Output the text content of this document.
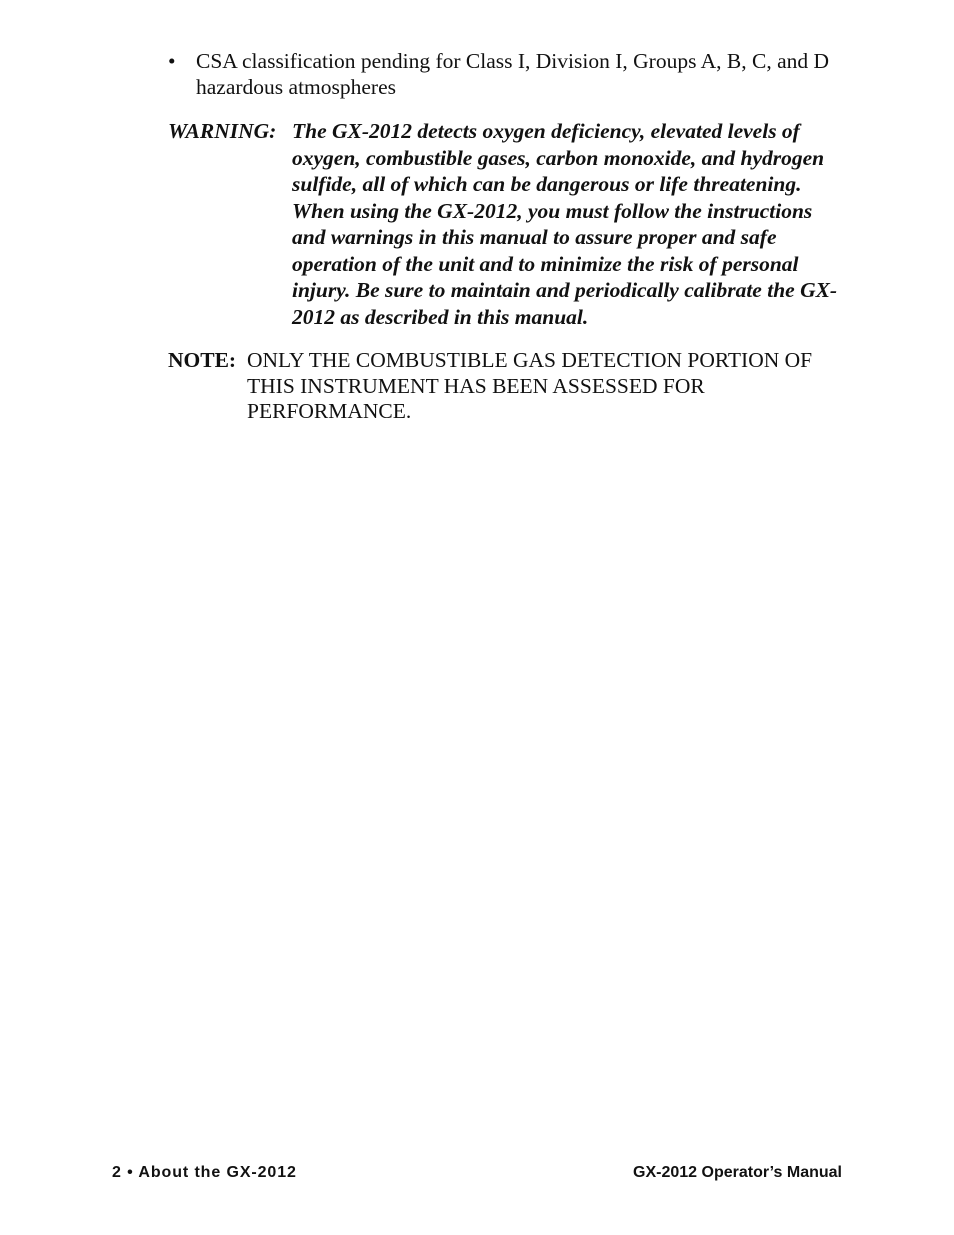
• CSA classification pending for Class I, Division I, Groups A, B, C, and D hazardous atmospheres
WARNING: The GX-2012 detects oxygen deficiency, elevated levels of oxygen, combustible gases, carbon monoxide, and hydrogen sulfide, all of which can be dangerous or life threatening. When using the GX-2012, you must follow the instructions and warnings in this manual to assure proper and safe operation of the unit and to minimize the risk of personal injury. Be sure to maintain and periodically calibrate the GX-2012 as described in this manual.
NOTE: ONLY THE COMBUSTIBLE GAS DETECTION PORTION OF THIS INSTRUMENT HAS BEEN ASSESSED FOR PERFORMANCE.
2 • About the GX-2012	GX-2012 Operator’s Manual
